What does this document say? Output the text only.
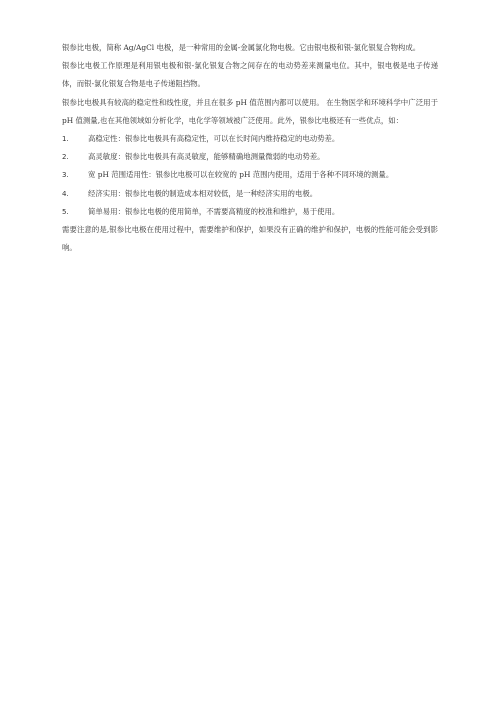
银参比电极，简称 Ag/AgCl 电极，是一种常用的金属-金属氯化物电极。它由银电极和银-氯化银复合物构成。

银参比电极工作原理是利用银电极和银-氯化银复合物之间存在的电动势差来测量电位。其中，银电极是电子传递体，而银-氯化银复合物是电子传递阻挡物。

银参比电极具有较高的稳定性和线性度，并且在很多 pH 值范围内都可以使用。 在生物医学和环境科学中广泛用于 pH 值测量,也在其他领域如分析化学，电化学等领域被广泛使用。此外，银参比电极还有一些优点，如：

1.	高稳定性：银参比电极具有高稳定性，可以在长时间内维持稳定的电动势差。
2.	高灵敏度：银参比电极具有高灵敏度，能够精确地测量微弱的电动势差。
3.	宽 pH 范围适用性：银参比电极可以在较宽的 pH 范围内使用，适用于各种不同环境的测量。
4.	经济实用：银参比电极的制造成本相对较低，是一种经济实用的电极。
5.	简单易用：银参比电极的使用简单，不需要高精度的校准和维护，易于使用。

需要注意的是,银参比电极在使用过程中，需要维护和保护，如果没有正确的维护和保护，电极的性能可能会受到影响。
